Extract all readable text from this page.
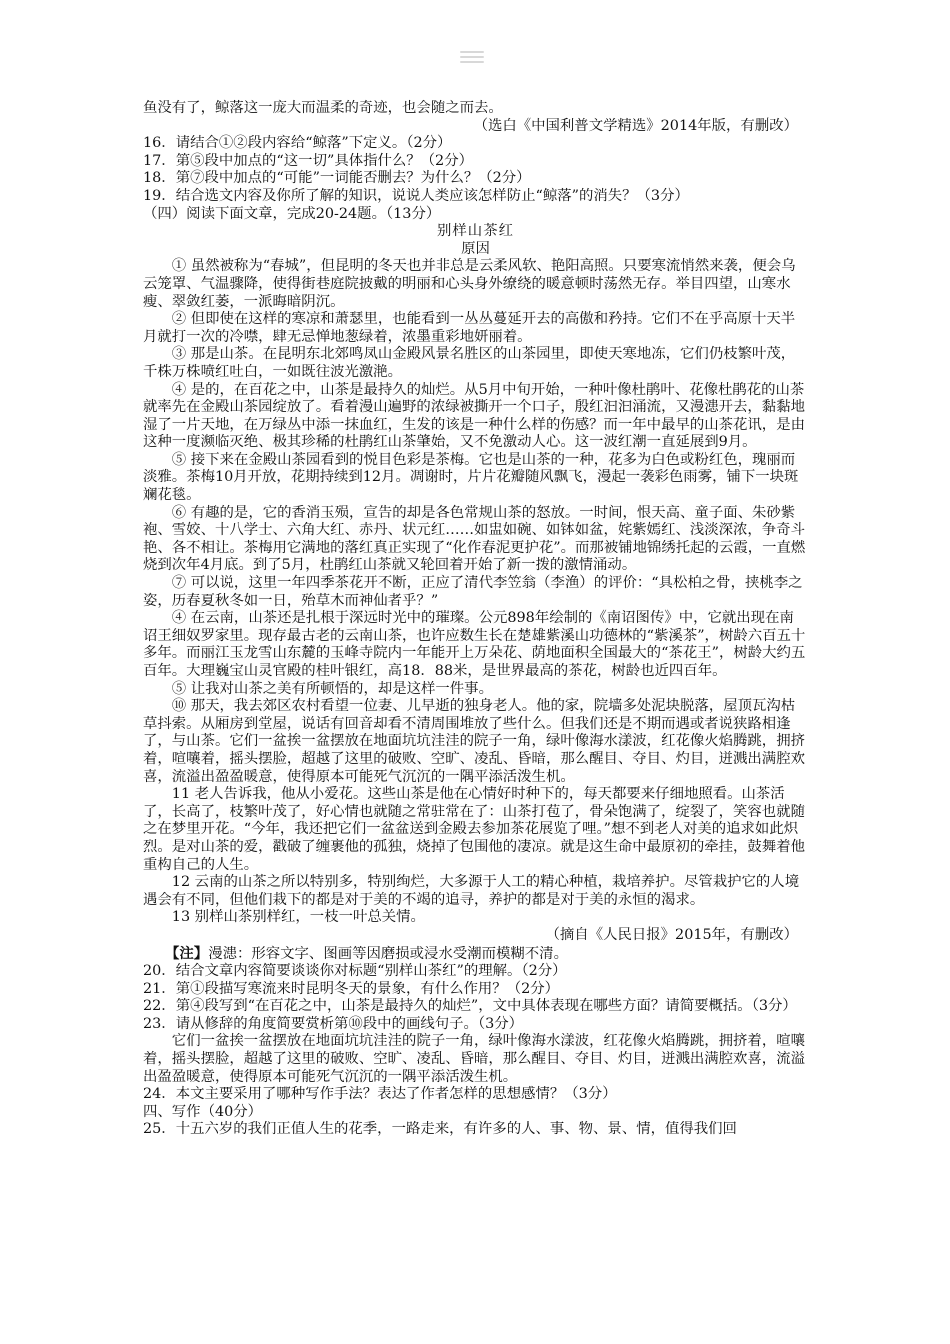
鱼没有了，鲸落这一庞大而温柔的奇迹，也会随之而去。

（选白《中国利普文学精选》2014年版，有删改）

16．请结合①②段内容给“鲸落”下定义。（2分）

17．第⑤段中加点的“这一切”具体指什么？（2分）

18．第⑦段中加点的“可能”一词能否删去？为什么？（2分）

19．结合选文内容及你所了解的知识，说说人类应该怎样防止“鲸落”的消失？（3分）

（四）阅读下面文章，完成20-24题。（13分）

别样山茶红

原因

① 虽然被称为“春城”，但昆明的冬天也并非总是云柔风软、艳阳高照。只要寒流悄然来袭，便会乌云笼罩、气温骤降，使得街巷庭院披戴的明丽和心头身外缭绕的暖意顿时荡然无存。举目四望，山寒水瘦、翠敛红萎，一派晦暗阴沉。

② 但即使在这样的寒凉和萧瑟里，也能看到一丛丛蔓延开去的高傲和矜持。它们不在乎高原十天半月就打一次的冷噤，肆无忌惮地葱绿着，浓墨重彩地妍丽着。

③ 那是山茶。在昆明东北郊鸣凤山金殿风景名胜区的山茶园里，即使天寒地冻，它们仍枝繁叶茂，千株万株喷红吐白，一如既往波光激滟。

④ 是的，在百花之中，山茶是最持久的灿烂。从5月中旬开始，一种叶像杜鹃叶、花像杜鹃花的山茶就率先在金殿山茶园绽放了。看着漫山遍野的浓绿被撕开一个口子，殷红汩汩涌流，又漫漶开去，黏黏地湿了一片天地，在万绿丛中添一抹血红，生发的该是一种什么样的伤感？而一年中最早的山茶花讯，是由这种一度濒临灭绝、极其珍稀的杜鹃红山茶肇始，又不免激动人心。这一波红潮一直延展到9月。

⑤ 接下来在金殿山茶园看到的悦目色彩是茶梅。它也是山茶的一种，花多为白色或粉红色，瑰丽而淡雅。茶梅10月开放，花期持续到12月。凋谢时，片片花瓣随风飘飞，漫起一袭彩色雨雾，铺下一块斑斓花毯。

⑥ 有趣的是，它的香消玉殒，宣告的却是各色常规山茶的怒放。一时间，恨天高、童子面、朱砂紫袍、雪姣、十八学士、六角大红、赤丹、状元红……如盅如碗、如钵如盆，姹紫嫣红、浅淡深浓，争奇斗艳、各不相让。茶梅用它满地的落红真正实现了“化作春泥更护花”。而那被铺地锦绣托起的云霞，一直燃烧到次年4月底。到了5月，杜鹃红山茶就又轮回着开始了新一拨的激情涌动。

⑦ 可以说，这里一年四季茶花开不断，正应了清代李笠翁（李渔）的评价：“具松柏之骨，挟桃李之姿，历春夏秋冬如一日，殆草木而神仙者乎？”

④ 在云南，山茶还是扎根于深远时光中的璀璨。公元898年绘制的《南诏图传》中，它就出现在南诏王细奴罗家里。现存最古老的云南山茶，也许应数生长在楚雄紫溪山功德林的“紫溪茶”，树龄六百五十多年。而丽江玉龙雪山东麓的玉峰寺院内一年能开上万朵花、荫地面积全国最大的“茶花王”，树龄大约五百年。大理巍宝山灵官殿的桂叶银红，高18．88米，是世界最高的茶花，树龄也近四百年。

⑤ 让我对山茶之美有所顿悟的，却是这样一件事。

⑩ 那天，我去郊区农村看望一位妻、儿早逝的独身老人。他的家，院墙多处泥块脱落，屋顶瓦沟枯草抖索。从厢房到堂屋，说话有回音却看不清周围堆放了些什么。但我们还是不期而遇或者说狭路相逢了，与山茶。它们一盆挨一盆摆放在地面坑坑洼洼的院子一角，绿叶像海水漾波，红花像火焰腾跳，拥挤着，喧嚷着，摇头摆脸，超越了这里的破败、空旷、凌乱、昏暗，那么醒目、夺目、灼目，迸溅出满腔欢喜，流溢出盈盈暖意，使得原本可能死气沉沉的一隅平添活泼生机。

11 老人告诉我，他从小爱花。这些山茶是他在心情好时种下的，每天都要来仔细地照看。山茶活了，长高了，枝繁叶茂了，好心情也就随之常驻常在了：山茶打苞了，骨朵饱满了，绽裂了，笑容也就随之在梦里开花。“今年，我还把它们一盆盆送到金殿去参加茶花展览了哩。”想不到老人对美的追求如此炽烈。是对山茶的爱，戳破了缠裹他的孤独，烧掉了包围他的凄凉。就是这生命中最原初的牵挂，鼓舞着他重构自己的人生。

12 云南的山茶之所以特别多，特别绚烂，大多源于人工的精心种植，栽培养护。尽管栽护它的人境遇会有不同，但他们栽下的都是对于美的不竭的追寻，养护的都是对于美的永恒的渴求。

13 别样山茶别样红，一枝一叶总关情。

（摘自《人民日报》2015年，有删改）

【注】漫漶：形容文字、图画等因磨损或浸水受潮而模糊不清。

20．结合文章内容简要谈谈你对标题“别样山茶红”的理解。（2分）

21．第①段描写寒流来时昆明冬天的景象，有什么作用？（2分）

22．第④段写到“在百花之中，山茶是最持久的灿烂”，文中具体表现在哪些方面？请简要概括。（3分）

23．请从修辞的角度简要赏析第⑩段中的画线句子。（3分）

它们一盆挨一盆摆放在地面坑坑洼洼的院子一角，绿叶像海水漾波，红花像火焰腾跳，拥挤着，喧嚷着，摇头摆脸，超越了这里的破败、空旷、凌乱、昏暗，那么醒目、夺目、灼目，迸溅出满腔欢喜，流溢出盈盈暖意，使得原本可能死气沉沉的一隅平添活泼生机。

24．本文主要采用了哪种写作手法？表达了作者怎样的思想感情？（3分）

四、写作（40分）

25．十五六岁的我们正值人生的花季，一路走来，有许多的人、事、物、景、情，值得我们回
